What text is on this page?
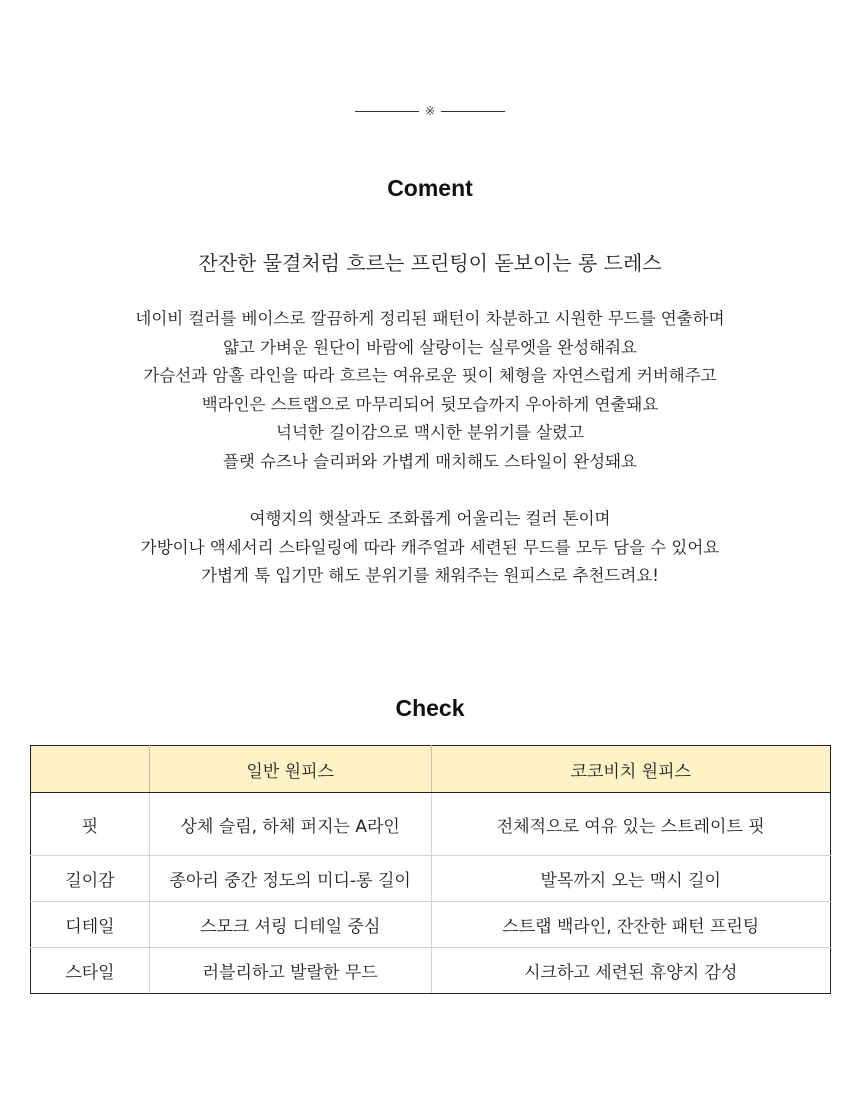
※
Coment
잔잔한 물결처럼 흐르는 프린팅이 돋보이는 롱 드레스
네이비 컬러를 베이스로 깔끔하게 정리된 패턴이 차분하고 시원한 무드를 연출하며
얇고 가벼운 원단이 바람에 살랑이는 실루엣을 완성해줘요
가슴선과 암홀 라인을 따라 흐르는 여유로운 핏이 체형을 자연스럽게 커버해주고
백라인은 스트랩으로 마무리되어 뒷모습까지 우아하게 연출돼요
넉넉한 길이감으로 맥시한 분위기를 살렸고
플랫 슈즈나 슬리퍼와 가볍게 매치해도 스타일이 완성돼요
여행지의 햇살과도 조화롭게 어울리는 컬러 톤이며
가방이나 액세서리 스타일링에 따라 캐주얼과 세련된 무드를 모두 담을 수 있어요
가볍게 툭 입기만 해도 분위기를 채워주는 원피스로 추천드려요!
Check
	일반 원피스	코코비치 원피스
핏	상체 슬림, 하체 퍼지는 A라인	전체적으로 여유 있는 스트레이트 핏
길이감	종아리 중간 정도의 미디-롱 길이	발목까지 오는 맥시 길이
디테일	스모크 셔링 디테일 중심	스트랩 백라인, 잔잔한 패턴 프린팅
스타일	러블리하고 발랄한 무드	시크하고 세련된 휴양지 감성
